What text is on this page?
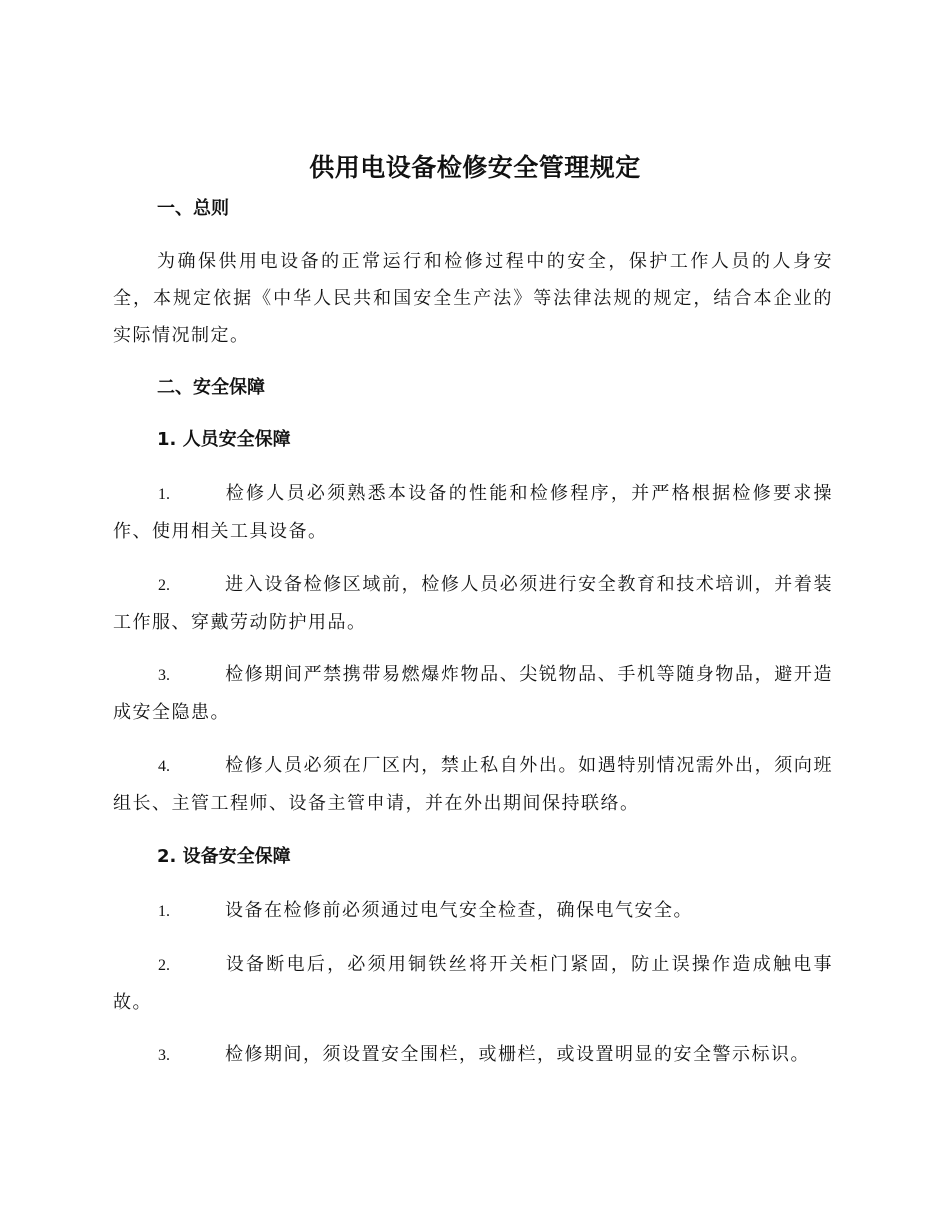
供用电设备检修安全管理规定
一、总则

为确保供用电设备的正常运行和检修过程中的安全，保护工作人员的人身安全，本规定依据《中华人民共和国安全生产法》等法律法规的规定，结合本企业的实际情况制定。

二、安全保障
1. 人员安全保障

1.	检修人员必须熟悉本设备的性能和检修程序，并严格根据检修要求操作、使用相关工具设备。

2.	进入设备检修区域前，检修人员必须进行安全教育和技术培训，并着装工作服、穿戴劳动防护用品。

3.	检修期间严禁携带易燃爆炸物品、尖锐物品、手机等随身物品，避开造成安全隐患。

4.	检修人员必须在厂区内，禁止私自外出。如遇特别情况需外出，须向班组长、主管工程师、设备主管申请，并在外出期间保持联络。

2. 设备安全保障

1.	设备在检修前必须通过电气安全检查，确保电气安全。

2.	设备断电后，必须用铜铁丝将开关柜门紧固，防止误操作造成触电事故。

3.	检修期间，须设置安全围栏，或栅栏，或设置明显的安全警示标识。
